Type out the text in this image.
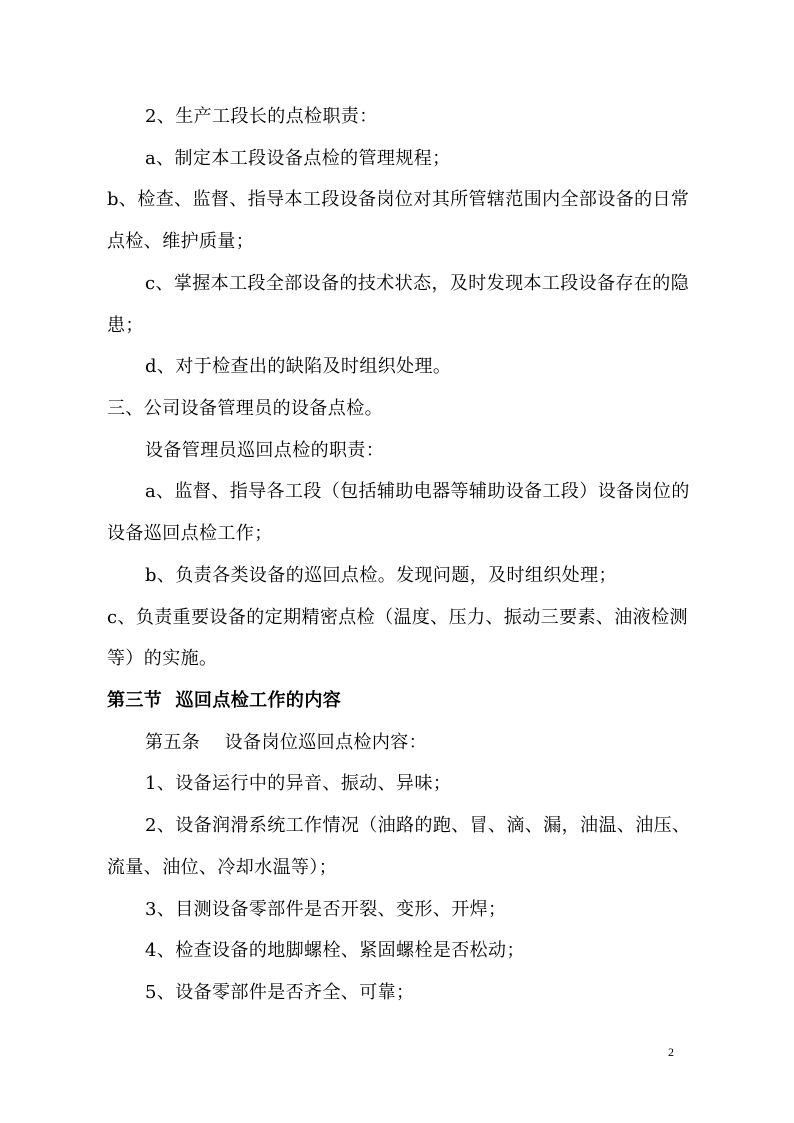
2、生产工段长的点检职责：
a、制定本工段设备点检的管理规程；
b、检查、监督、指导本工段设备岗位对其所管辖范围内全部设备的日常
点检、维护质量；
c、掌握本工段全部设备的技术状态，及时发现本工段设备存在的隐
患；
d、对于检查出的缺陷及时组织处理。
三、公司设备管理员的设备点检。
设备管理员巡回点检的职责：
a、监督、指导各工段（包括辅助电器等辅助设备工段）设备岗位的
设备巡回点检工作；
b、负责各类设备的巡回点检。发现问题，及时组织处理；
c、负责重要设备的定期精密点检（温度、压力、振动三要素、油液检测
等）的实施。
第三节  巡回点检工作的内容
第五条    设备岗位巡回点检内容：
1、设备运行中的异音、振动、异味；
2、设备润滑系统工作情况（油路的跑、冒、滴、漏，油温、油压、
流量、油位、冷却水温等）；
3、目测设备零部件是否开裂、变形、开焊；
4、检查设备的地脚螺栓、紧固螺栓是否松动；
5、设备零部件是否齐全、可靠；
2
